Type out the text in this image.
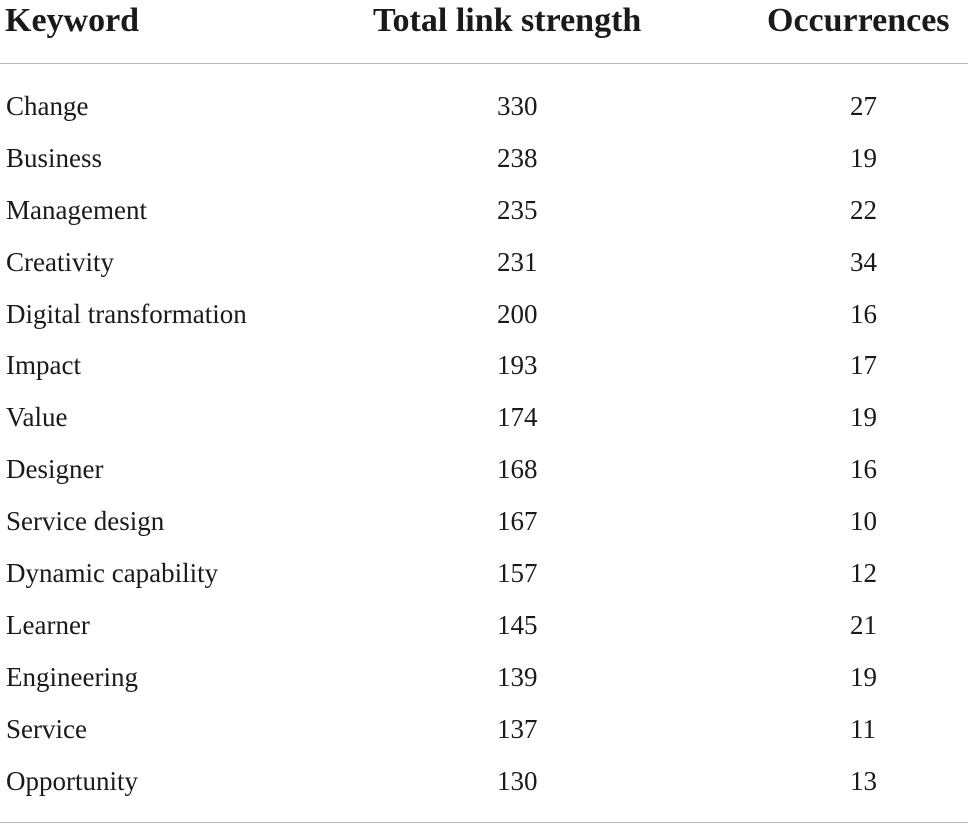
Keyword	Total link strength	Occurrences
Change	330	27
Business	238	19
Management	235	22
Creativity	231	34
Digital transformation	200	16
Impact	193	17
Value	174	19
Designer	168	16
Service design	167	10
Dynamic capability	157	12
Learner	145	21
Engineering	139	19
Service	137	11
Opportunity	130	13
